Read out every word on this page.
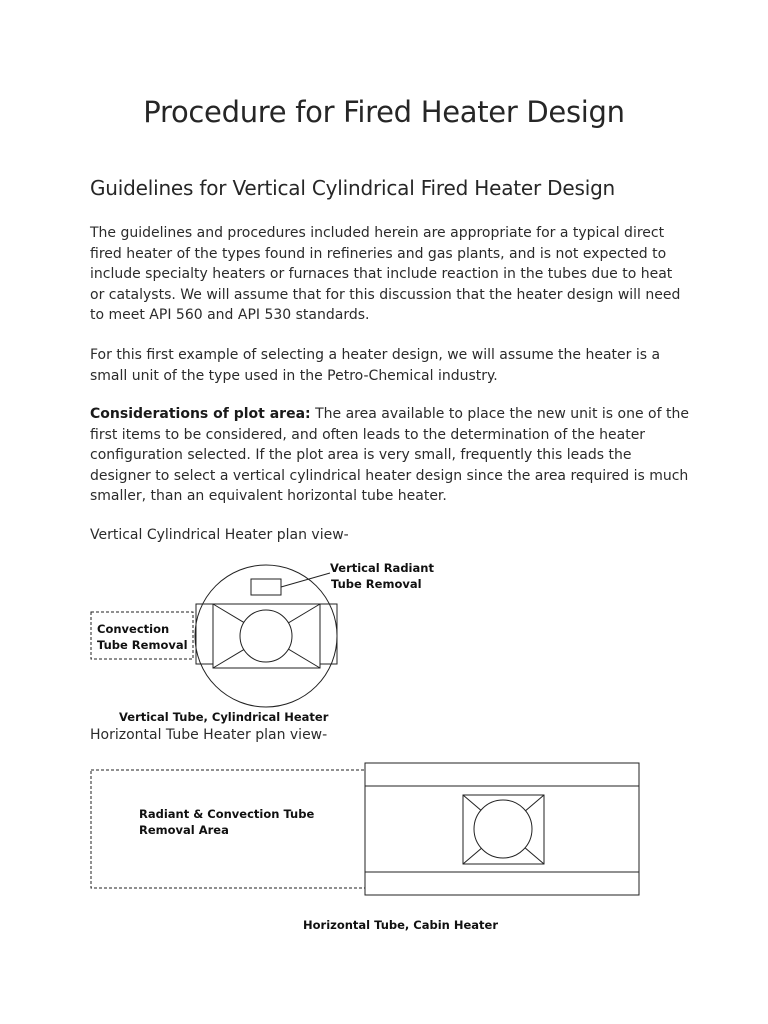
Procedure for Fired Heater Design
Guidelines for Vertical Cylindrical Fired Heater Design

The guidelines and procedures included herein are appropriate for a typical direct fired heater of the types found in refineries and gas plants, and is not expected to include specialty heaters or furnaces that include reaction in the tubes due to heat or catalysts. We will assume that for this discussion that the heater design will need to meet API 560 and API 530 standards.

For this first example of selecting a heater design, we will assume the heater is a small unit of the type used in the Petro-Chemical industry.

Considerations of plot area: The area available to place the new unit is one of the first items to be considered, and often leads to the determination of the heater configuration selected. If the plot area is very small, frequently this leads the designer to select a vertical cylindrical heater design since the area required is much smaller, than an equivalent horizontal tube heater.

Vertical Cylindrical Heater plan view-

Vertical Radiant
Tube Removal
Convection
Tube Removal
Vertical Tube, Cylindrical Heater

Horizontal Tube Heater plan view-

Radiant & Convection Tube
Removal Area
Horizontal Tube, Cabin Heater
